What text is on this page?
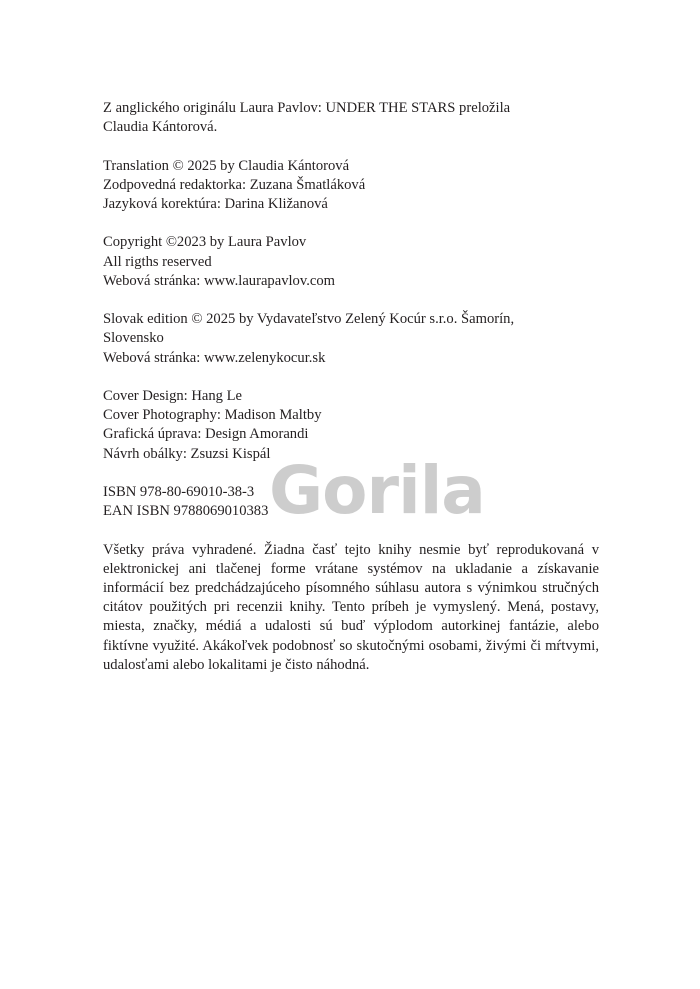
Z anglického originálu Laura Pavlov: UNDER THE STARS preložila
Claudia Kántorová.
Translation © 2025 by Claudia Kántorová
Zodpovedná redaktorka: Zuzana Šmatláková
Jazyková korektúra: Darina Kližanová
Copyright ©2023 by Laura Pavlov
All rigths reserved
Webová stránka: www.laurapavlov.com
Slovak edition © 2025 by Vydavateľstvo Zelený Kocúr s.r.o. Šamorín,
Slovensko
Webová stránka: www.zelenykocur.sk
Cover Design: Hang Le
Cover Photography: Madison Maltby
Grafická úprava: Design Amorandi
Návrh obálky: Zsuzsi Kispál
ISBN 978-80-69010-38-3
EAN ISBN 9788069010383

Všetky práva vyhradené. Žiadna časť tejto knihy nesmie byť reprodukovaná v elektronickej ani tlačenej forme vrátane systémov na ukladanie a získavanie informácií bez predchádzajúceho písomného súhlasu autora s výnimkou stručných citátov použitých pri recenzii knihy. Tento príbeh je vymyslený. Mená, postavy, miesta, značky, médiá a udalosti sú buď výplodom autorkinej fantázie, alebo fiktívne využité. Akákoľvek podobnosť so skutočnými osobami, živými či mŕtvymi, udalosťami alebo lokalitami je čisto náhodná.

Gorila
